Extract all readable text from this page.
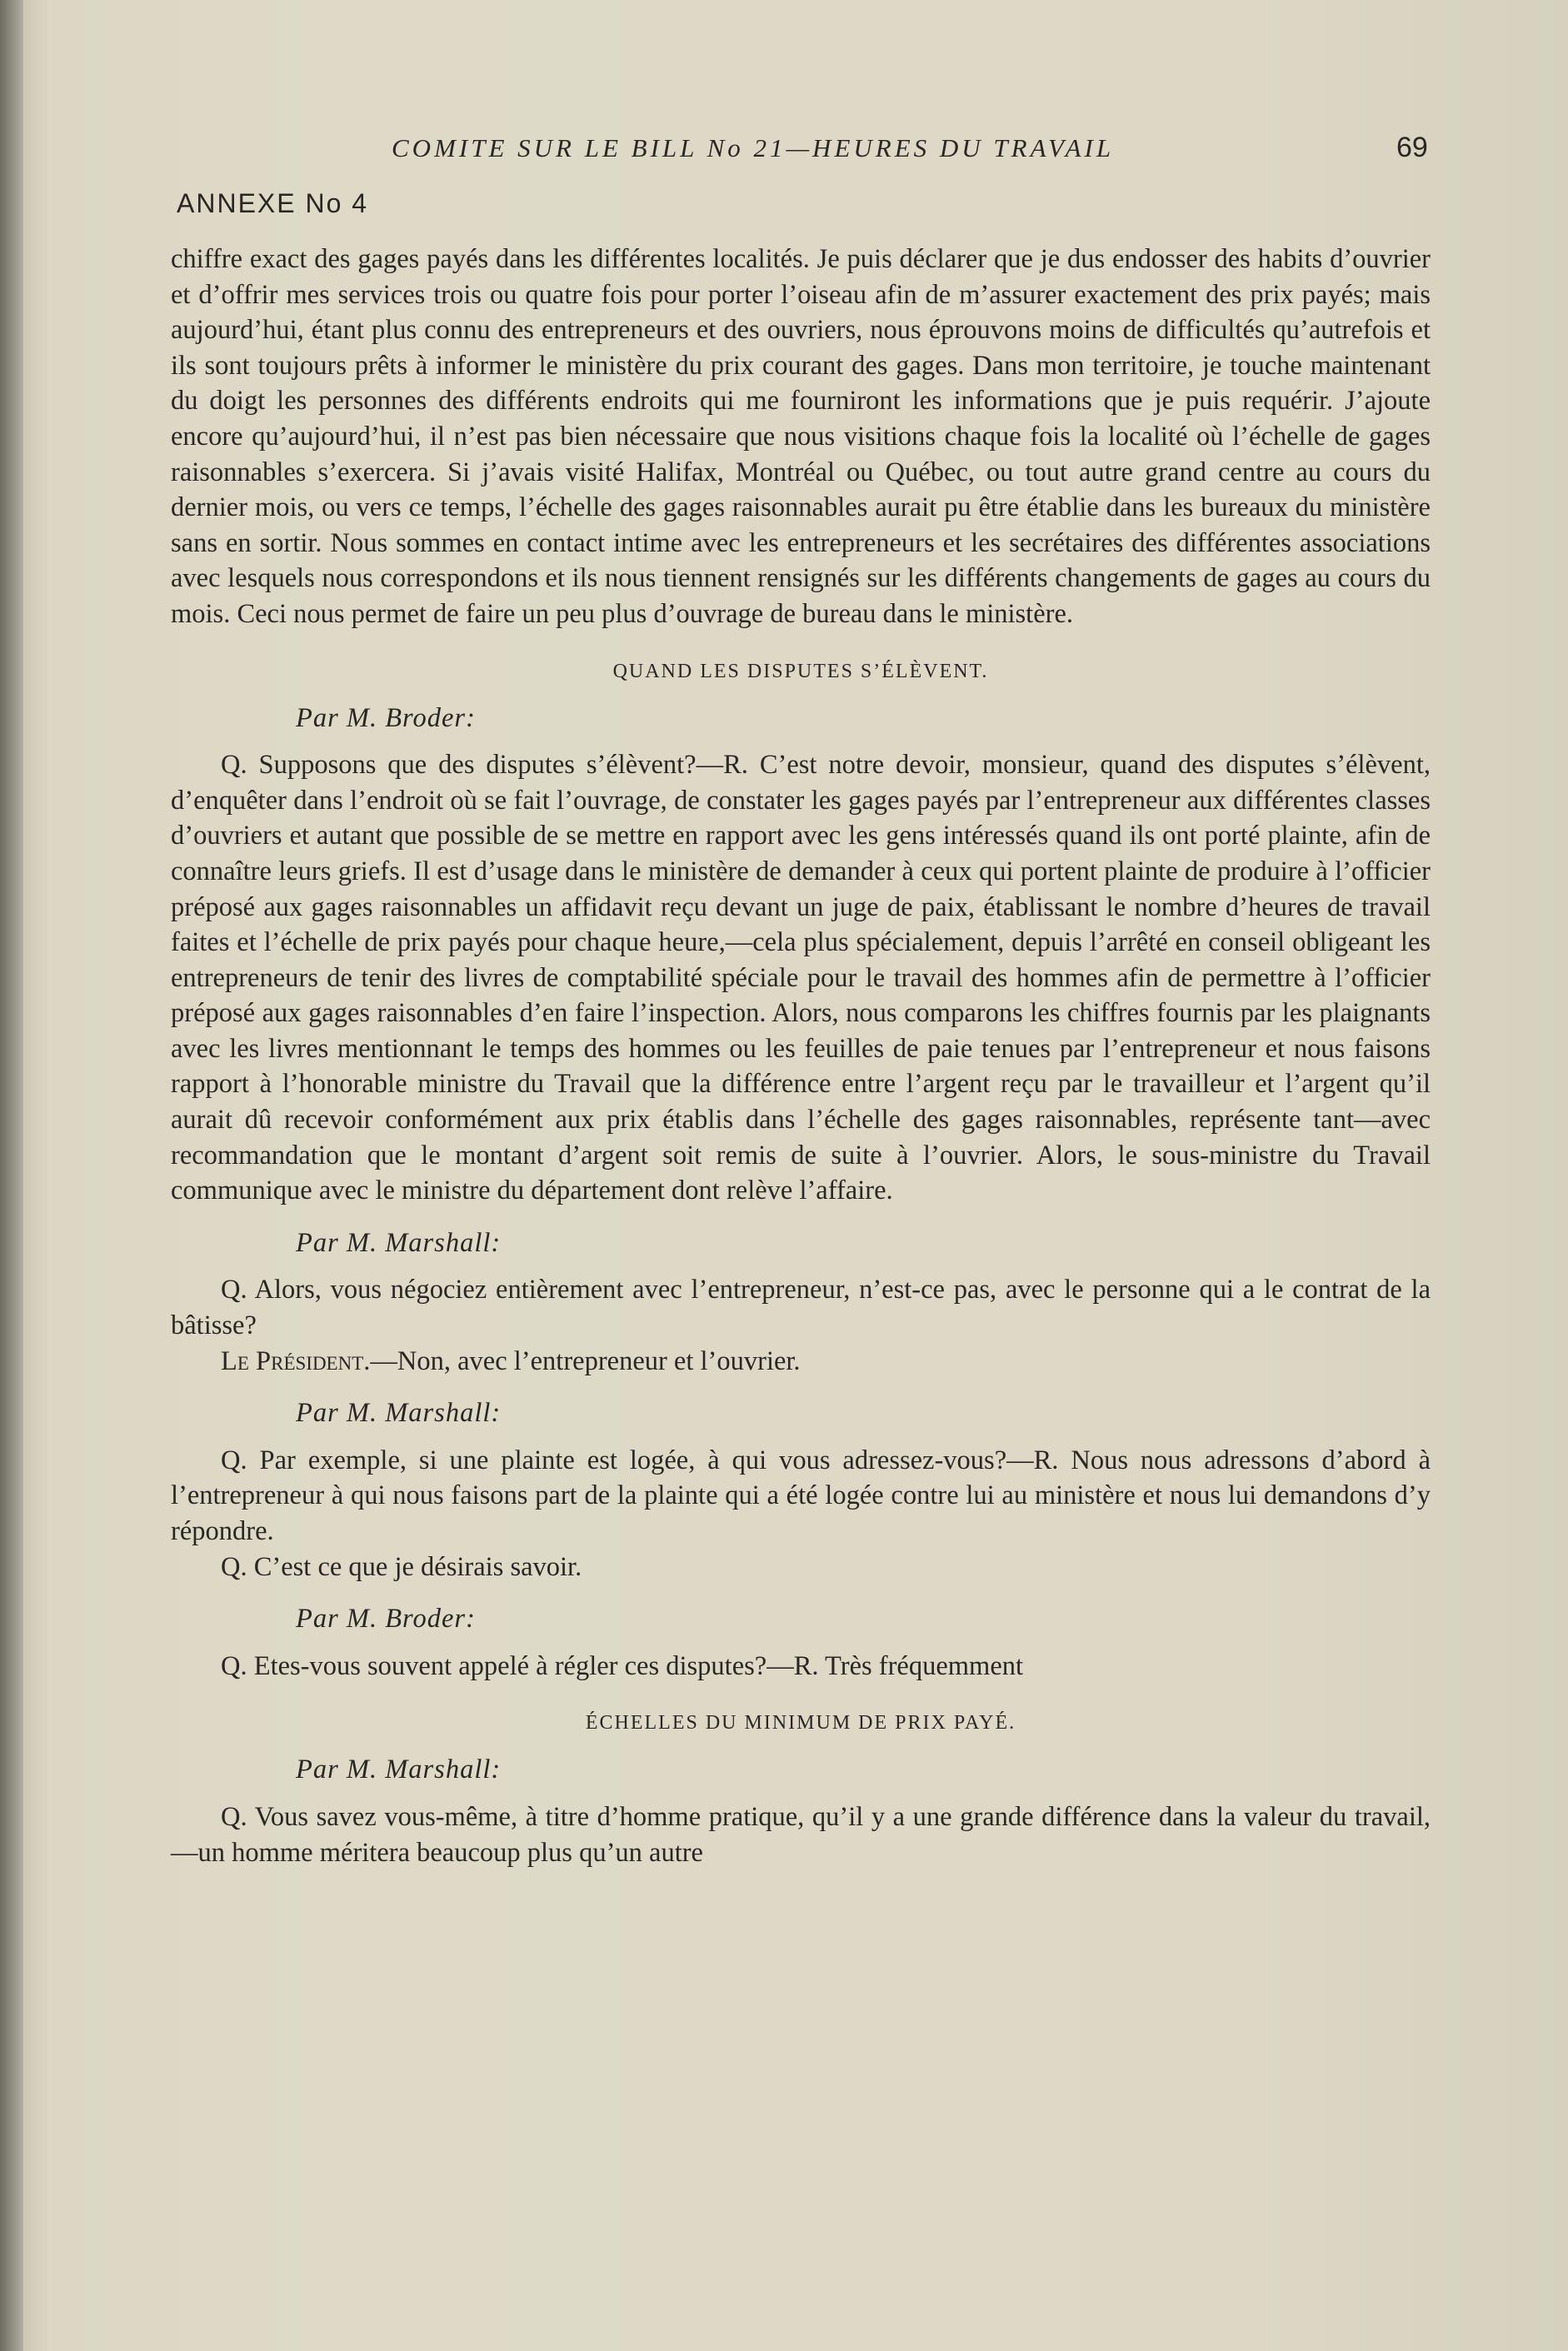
COMITE SUR LE BILL No 21—HEURES DU TRAVAIL	69
ANNEXE No 4

chiffre exact des gages payés dans les différentes localités. Je puis déclarer que je dus endosser des habits d’ouvrier et d’offrir mes services trois ou quatre fois pour porter l’oiseau afin de m’assurer exactement des prix payés; mais aujourd’hui, étant plus connu des entrepreneurs et des ouvriers, nous éprouvons moins de difficultés qu’autrefois et ils sont toujours prêts à informer le ministère du prix courant des gages. Dans mon territoire, je touche maintenant du doigt les personnes des différents endroits qui me fourniront les informations que je puis requérir. J’ajoute encore qu’aujourd’hui, il n’est pas bien nécessaire que nous visitions chaque fois la localité où l’échelle de gages raisonnables s’exercera. Si j’avais visité Halifax, Montréal ou Québec, ou tout autre grand centre au cours du dernier mois, ou vers ce temps, l’échelle des gages raisonnables aurait pu être établie dans les bureaux du ministère sans en sortir. Nous sommes en contact intime avec les entrepreneurs et les secrétaires des différentes associations avec lesquels nous correspondons et ils nous tiennent rensignés sur les différents changements de gages au cours du mois. Ceci nous permet de faire un peu plus d’ouvrage de bureau dans le ministère.

QUAND LES DISPUTES S’ÉLÈVENT.
Par M. Broder:

Q. Supposons que des disputes s’élèvent?—R. C’est notre devoir, monsieur, quand des disputes s’élèvent, d’enquêter dans l’endroit où se fait l’ouvrage, de constater les gages payés par l’entrepreneur aux différentes classes d’ouvriers et autant que possible de se mettre en rapport avec les gens intéressés quand ils ont porté plainte, afin de connaître leurs griefs. Il est d’usage dans le ministère de demander à ceux qui portent plainte de produire à l’officier préposé aux gages raisonnables un affidavit reçu devant un juge de paix, établissant le nombre d’heures de travail faites et l’échelle de prix payés pour chaque heure,—cela plus spécialement, depuis l’arrêté en conseil obligeant les entrepreneurs de tenir des livres de comptabilité spéciale pour le travail des hommes afin de permettre à l’officier préposé aux gages raisonnables d’en faire l’inspection. Alors, nous comparons les chiffres fournis par les plaignants avec les livres mentionnant le temps des hommes ou les feuilles de paie tenues par l’entrepreneur et nous faisons rapport à l’honorable ministre du Travail que la différence entre l’argent reçu par le travailleur et l’argent qu’il aurait dû recevoir conformément aux prix établis dans l’échelle des gages raisonnables, représente tant—avec recommandation que le montant d’argent soit remis de suite à l’ouvrier. Alors, le sous-ministre du Travail communique avec le ministre du département dont relève l’affaire.

Par M. Marshall:

Q. Alors, vous négociez entièrement avec l’entrepreneur, n’est-ce pas, avec le personne qui a le contrat de la bâtisse?

Le Président.—Non, avec l’entrepreneur et l’ouvrier.

Par M. Marshall:

Q. Par exemple, si une plainte est logée, à qui vous adressez-vous?—R. Nous nous adressons d’abord à l’entrepreneur à qui nous faisons part de la plainte qui a été logée contre lui au ministère et nous lui demandons d’y répondre.

Q. C’est ce que je désirais savoir.

Par M. Broder:

Q. Etes-vous souvent appelé à régler ces disputes?—R. Très fréquemment

ÉCHELLES DU MINIMUM DE PRIX PAYÉ.
Par M. Marshall:

Q. Vous savez vous-même, à titre d’homme pratique, qu’il y a une grande différence dans la valeur du travail,—un homme méritera beaucoup plus qu’un autre
